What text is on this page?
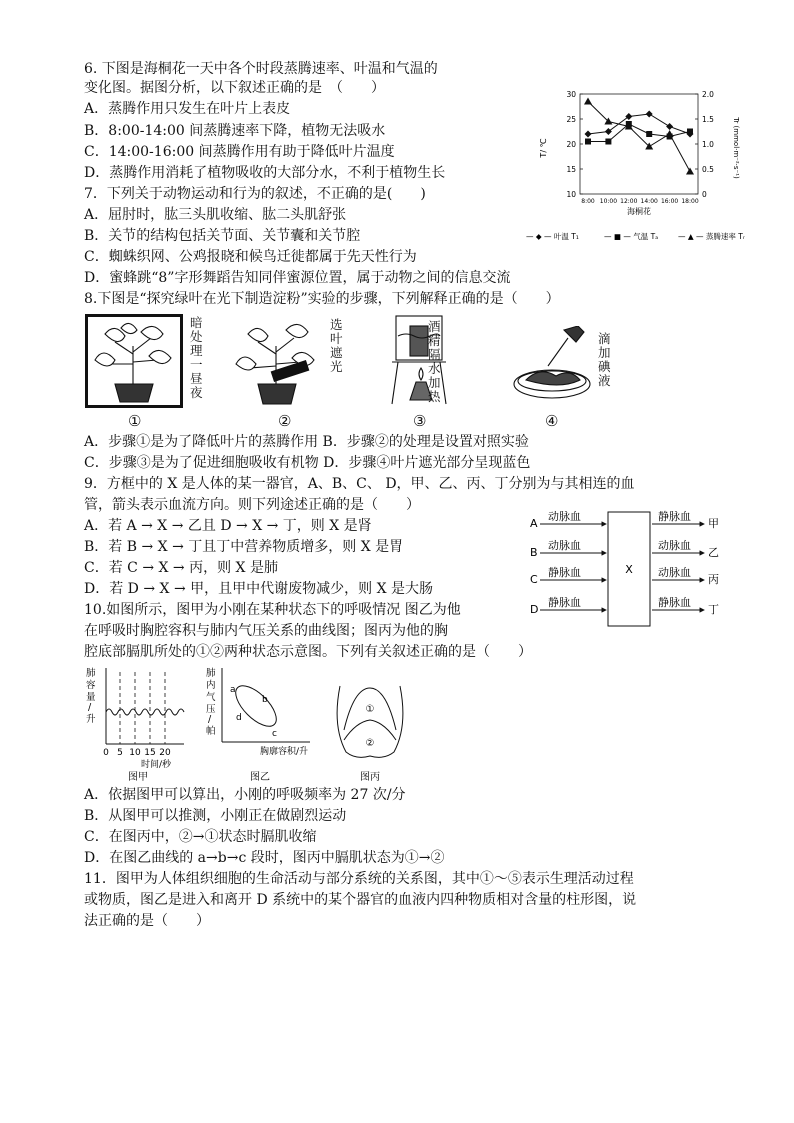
6. 下图是海桐花一天中各个时段蒸腾速率、叶温和气温的
变化图。据图分析，以下叙述正确的是　（　　）
A．蒸腾作用只发生在叶片上表皮
B．8:00-14:00 间蒸腾速率下降，植物无法吸水
C．14:00-16:00 间蒸腾作用有助于降低叶片温度
D．蒸腾作用消耗了植物吸收的大部分水，不利于植物生长
10
15
20
25
30
0
0.5
1.0
1.5
2.0
8:00 10:00 12:00 14:00 16:00 18:00
T/ ℃	Tr (mmol·m⁻²·s⁻¹)
海桐花
— ◆ — 叶温 T₁	— ■ — 气温 Tₐ	— ▲ — 蒸腾速率 Tᵣ
7．下列关于动物运动和行为的叙述，不正确的是(　　)
A．屈肘时，肱三头肌收缩、肱二头肌舒张
B．关节的结构包括关节面、关节囊和关节腔
C．蜘蛛织网、公鸡报晓和候鸟迁徙都属于先天性行为
D．蜜蜂跳“8”字形舞蹈告知同伴蜜源位置，属于动物之间的信息交流
8.下图是“探究绿叶在光下制造淀粉”实验的步骤，下列解释正确的是（　　）
暗
处
理
一
昼
夜
①
选
叶
遮
光
②
酒
精
隔
水
加
热
③
滴
加
碘
液
④
A．步骤①是为了降低叶片的蒸腾作用 B．步骤②的处理是设置对照实验
C．步骤③是为了促进细胞吸收有机物 D．步骤④叶片遮光部分呈现蓝色
9．方框中的 X 是人体的某一器官，A、B、C、 D，甲、乙、丙、丁分别为与其相连的血
管，箭头表示血流方向。则下列途述正确的是（　　）
A．若 A → X → 乙且 D → X → 丁，则 X 是肾
B．若 B → X → 丁且丁中营养物质增多，则 X 是胃
C．若 C → X → 丙，则 X 是肺
D．若 D → X → 甲，且甲中代谢废物减少，则 X 是大肠
X
A
B
C
D
动脉血
动脉血
静脉血
静脉血
静脉血
动脉血
动脉血
静脉血
甲
乙
丙
丁
10.如图所示，图甲为小刚在某种状态下的呼吸情况 图乙为他
在呼吸时胸腔容积与肺内气压关系的曲线图；图丙为他的胸
腔底部膈肌所处的①②两种状态示意图。下列有关叙述正确的是（　　）
肺
容
量
/
升
0 5 10 15 20
时间/秒
图甲
肺
内
气
压
/
帕
a
b
c
d
胸廓容积/升
图乙
①
②
图丙
A．依据图甲可以算出，小刚的呼吸频率为 27 次/分
B．从图甲可以推测，小刚正在做剧烈运动
C．在图丙中，②→①状态时膈肌收缩
D．在图乙曲线的 a→b→c 段时，图丙中膈肌状态为①→②
11．图甲为人体组织细胞的生命活动与部分系统的关系图，其中①～⑤表示生理活动过程
或物质，图乙是进入和离开 D 系统中的某个器官的血液内四种物质相对含量的柱形图，说
法正确的是（　　）
